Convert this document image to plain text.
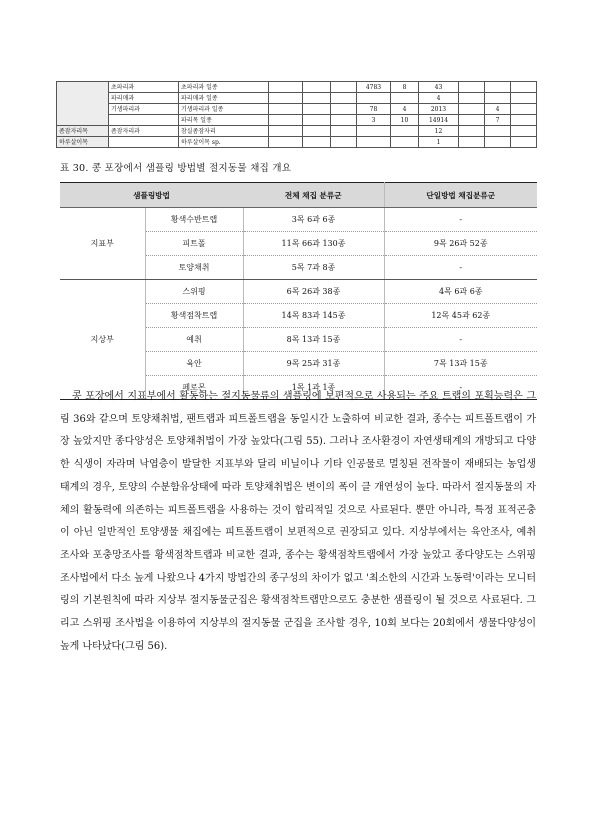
	초파리과	초파리과 일종				4783	8	43			
	파리매과	파리매과 일종						4			
	기생파리과	기생파리과 일종				78	4	2013		4	
		파리목 일종				3	10	14914		7	
좀잠자리목	좀잠자리과	참실좀잠자리						12			
하루살이목		하루살이목 sp.						1			
표 30. 콩 포장에서 샘플링 방법별 절지동물 채집 개요
샘플링방법		전체 채집 분류군	단일방법 채집분류군
지표부	황색수반트랩	3목 6과 6종	-
	피트폴	11목 66과 130종	9목 26과 52종
	토양채취	5목 7과 8종	-
지상부	스위핑	6목 26과 38종	4목 6과 6종
	황색점착트랩	14목 83과 145종	12목 45과 62종
	예취	8목 13과 15종	-
	육안	9목 25과 31종	7목 13과 15종
	페로몬	1목 1과 1종	-

콩 포장에서 지표부에서 활동하는 절지동물류의 샘플링에 보편적으로 사용되는 주요 트랩의 포획능력은 그림 36와 같으며 토양채취법, 팬트랩과 피트폴트랩을 동일시간 노출하여 비교한 결과, 종수는 피트폴트랩이 가장 높았지만 종다양성은 토양채취법이 가장 높았다(그림 55). 그러나 조사환경이 자연생태계의 개방되고 다양한 식생이 자라며 낙엽층이 발달한 지표부와 달리 비닐이나 기타 인공물로 멀칭된 전작물이 재배되는 농업생태계의 경우, 토양의 수분함유상태에 따라 토양채취법은 변이의 폭이 클 개연성이 높다. 따라서 절지동물의 자체의 활동력에 의존하는 피트폴트랩을 사용하는 것이 합리적일 것으로 사료된다. 뿐만 아니라, 특정 표적곤충이 아닌 일반적인 토양생물 채집에는 피트폴트랩이 보편적으로 권장되고 있다. 지상부에서는 육안조사, 예취조사와 포충망조사를 황색점착트랩과 비교한 결과, 종수는 황색점착트랩에서 가장 높았고 종다양도는 스위핑 조사법에서 다소 높게 나왔으나 4가지 방법간의 종구성의 차이가 없고 '최소한의 시간과 노동력'이라는 모니터링의 기본원칙에 따라 지상부 절지동물군집은 황색점착트랩만으로도 충분한 샘플링이 될 것으로 사료된다. 그리고 스위핑 조사법을 이용하여 지상부의 절지동물 군집을 조사할 경우, 10회 보다는 20회에서 생물다양성이 높게 나타났다(그림 56).
